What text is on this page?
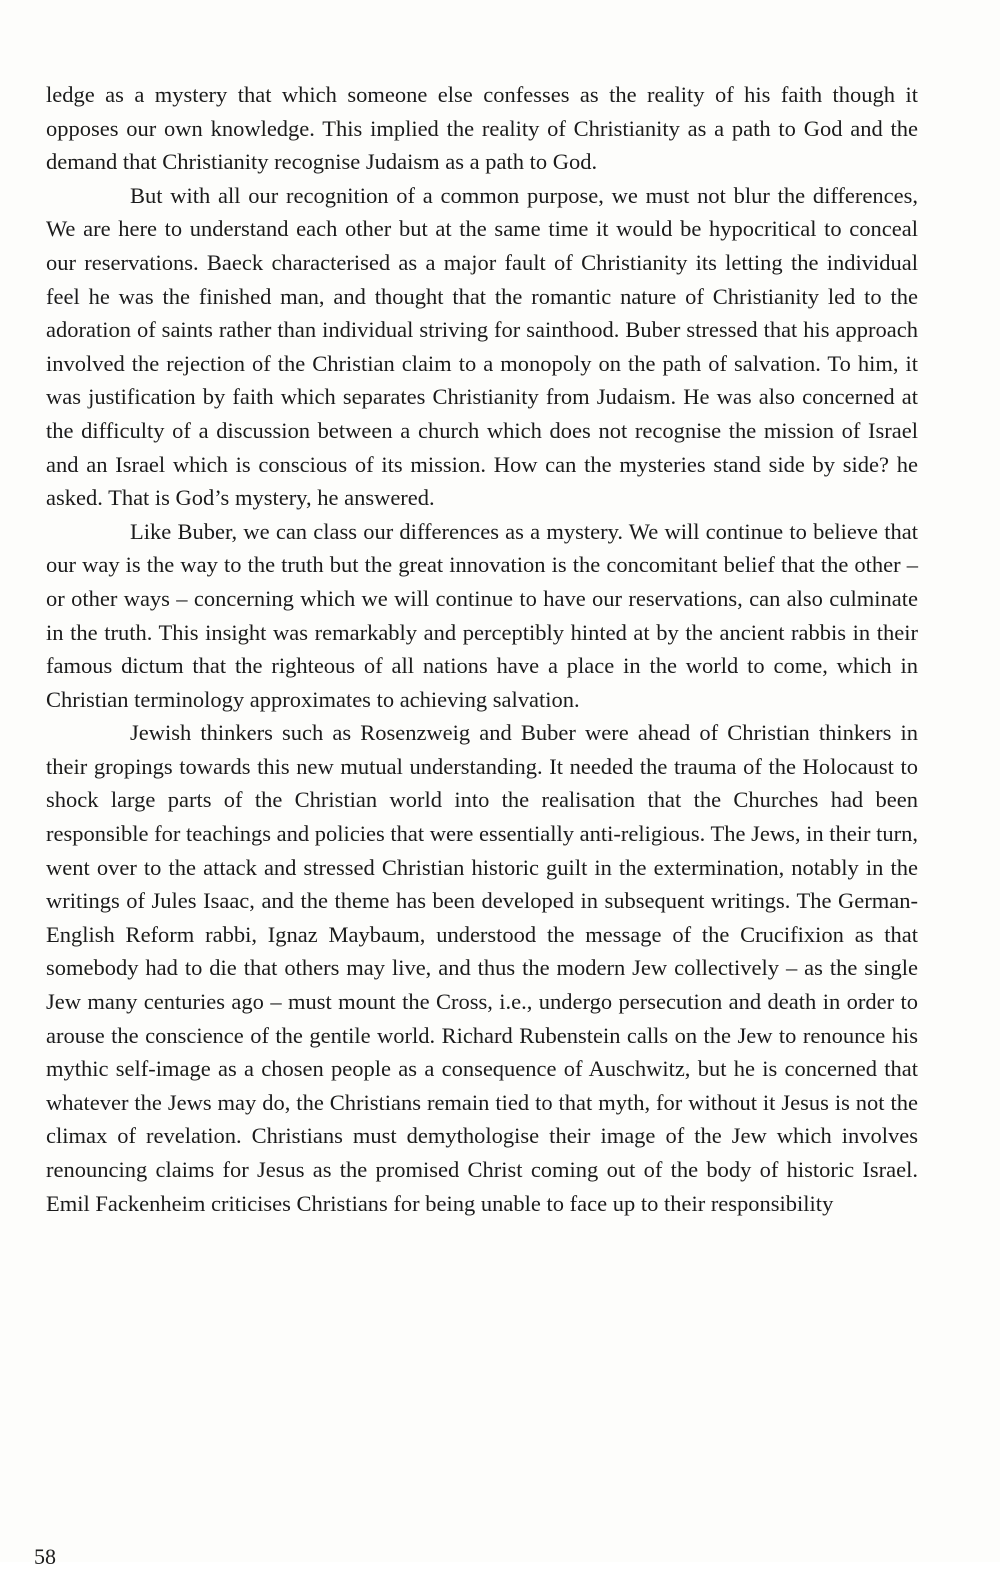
ledge as a mystery that which someone else confesses as the reality of his faith though it opposes our own knowledge. This implied the reality of Christianity as a path to God and the demand that Christianity recognise Judaism as a path to God.

But with all our recognition of a common purpose, we must not blur the differences, We are here to understand each other but at the same time it would be hypocritical to conceal our reservations. Baeck characterised as a major fault of Christianity its letting the individual feel he was the finished man, and thought that the romantic nature of Christianity led to the adoration of saints rather than individual striving for sainthood. Buber stressed that his approach involved the rejection of the Christian claim to a monopoly on the path of salvation. To him, it was justification by faith which separates Christianity from Judaism. He was also concerned at the difficulty of a discussion between a church which does not recognise the mission of Israel and an Israel which is conscious of its mission. How can the mysteries stand side by side? he asked. That is God’s mystery, he answered.

Like Buber, we can class our differences as a mystery. We will continue to believe that our way is the way to the truth but the great innovation is the concomitant belief that the other – or other ways – concerning which we will continue to have our reservations, can also culminate in the truth. This insight was remarkably and perceptibly hinted at by the ancient rabbis in their famous dictum that the righteous of all nations have a place in the world to come, which in Christian terminology approximates to achieving salvation.

Jewish thinkers such as Rosenzweig and Buber were ahead of Christian thinkers in their gropings towards this new mutual understanding. It needed the trauma of the Holocaust to shock large parts of the Christian world into the realisation that the Churches had been responsible for teachings and policies that were essentially anti-religious. The Jews, in their turn, went over to the attack and stressed Christian historic guilt in the extermination, notably in the writings of Jules Isaac, and the theme has been developed in subsequent writings. The German-English Reform rabbi, Ignaz Maybaum, understood the message of the Crucifixion as that somebody had to die that others may live, and thus the modern Jew collectively – as the single Jew many centuries ago – must mount the Cross, i.e., undergo persecution and death in order to arouse the conscience of the gentile world. Richard Rubenstein calls on the Jew to renounce his mythic self-image as a chosen people as a consequence of Auschwitz, but he is concerned that whatever the Jews may do, the Christians remain tied to that myth, for without it Jesus is not the climax of revelation. Christians must demythologise their image of the Jew which involves renouncing claims for Jesus as the promised Christ coming out of the body of historic Israel. Emil Fackenheim criticises Christians for being unable to face up to their responsibility

58
